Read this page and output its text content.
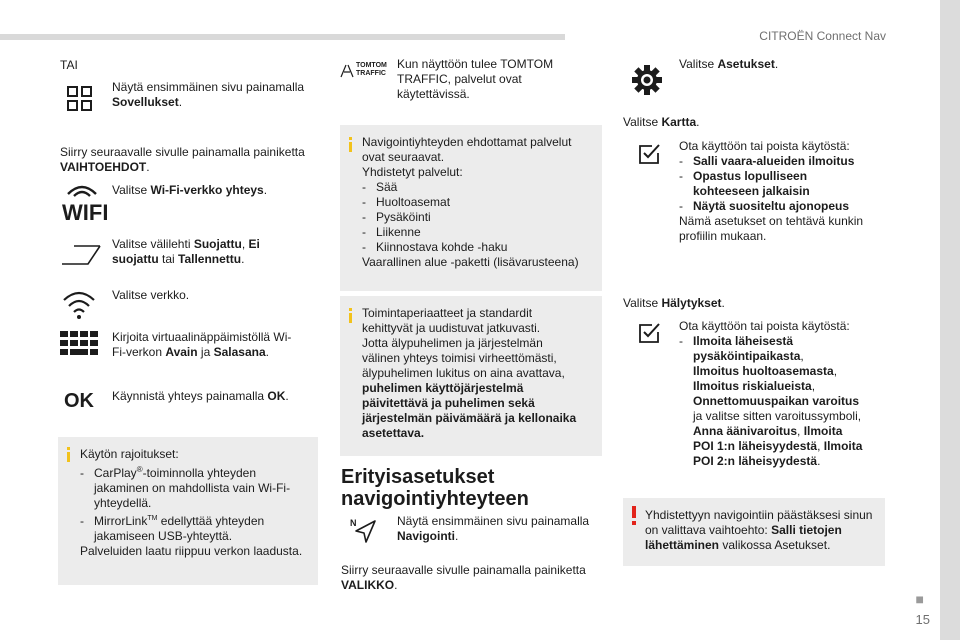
CITROËN Connect Nav
■
15
TAI
Näytä ensimmäinen sivu painamalla
Sovellukset.
Siirry seuraavalle sivulle painamalla painiketta
VAIHTOEHDOT.
WIFI
Valitse Wi-Fi-verkko yhteys.
Valitse välilehti Suojattu, Ei
suojattu tai Tallennettu.
Valitse verkko.
Kirjoita virtuaalinäppäimistöllä Wi-
Fi-verkon Avain ja Salasana.
OK Käynnistä yhteys painamalla OK.
Käytön rajoitukset:
- CarPlay®-toiminnolla yhteyden
jakaminen on mahdollista vain Wi-Fi-
yhteydellä.
- MirrorLink™ edellyttää yhteyden
jakamiseen USB-yhteyttä.
Palveluiden laatu riippuu verkon laadusta.
TOMTOM
TRAFFIC
Kun näyttöön tulee TOMTOM
TRAFFIC, palvelut ovat
käytettävissä.
Navigointiyhteyden ehdottamat palvelut
ovat seuraavat.
Yhdistetyt palvelut:
- Sää
- Huoltoasemat
- Pysäköinti
- Liikenne
- Kiinnostava kohde -haku
Vaarallinen alue -paketti (lisävarusteena)
Toimintaperiaatteet ja standardit
kehittyvät ja uudistuvat jatkuvasti.
Jotta älypuhelimen ja järjestelmän
välinen yhteys toimisi virheettömästi,
älypuhelimen lukitus on aina avattava,
puhelimen käyttöjärjestelmä
päivitettävä ja puhelimen sekä
järjestelmän päivämäärä ja kellonaika
asetettava.
Erityisasetukset
navigointiyhteyteen
N	Näytä ensimmäinen sivu painamalla
Navigointi.
Siirry seuraavalle sivulle painamalla painiketta
VALIKKO.
Valitse Asetukset.
Valitse Kartta.
Ota käyttöön tai poista käytöstä:
- Salli vaara-alueiden ilmoitus
- Opastus lopulliseen
kohteeseen jalkaisin
- Näytä suositeltu ajonopeus
Nämä asetukset on tehtävä kunkin
profiilin mukaan.
Valitse Hälytykset.
Ota käyttöön tai poista käytöstä:
- Ilmoita läheisestä
pysäköintipaikasta,
Ilmoitus huoltoasemasta,
Ilmoitus riskialueista,
Onnettomuuspaikan varoitus
ja valitse sitten varoitussymboli,
Anna äänivaroitus, Ilmoita
POI 1:n läheisyydestä, Ilmoita
POI 2:n läheisyydestä.
Yhdistettyyn navigointiin päästäksesi sinun
on valittava vaihtoehto: Salli tietojen
lähettäminen valikossa Asetukset.
